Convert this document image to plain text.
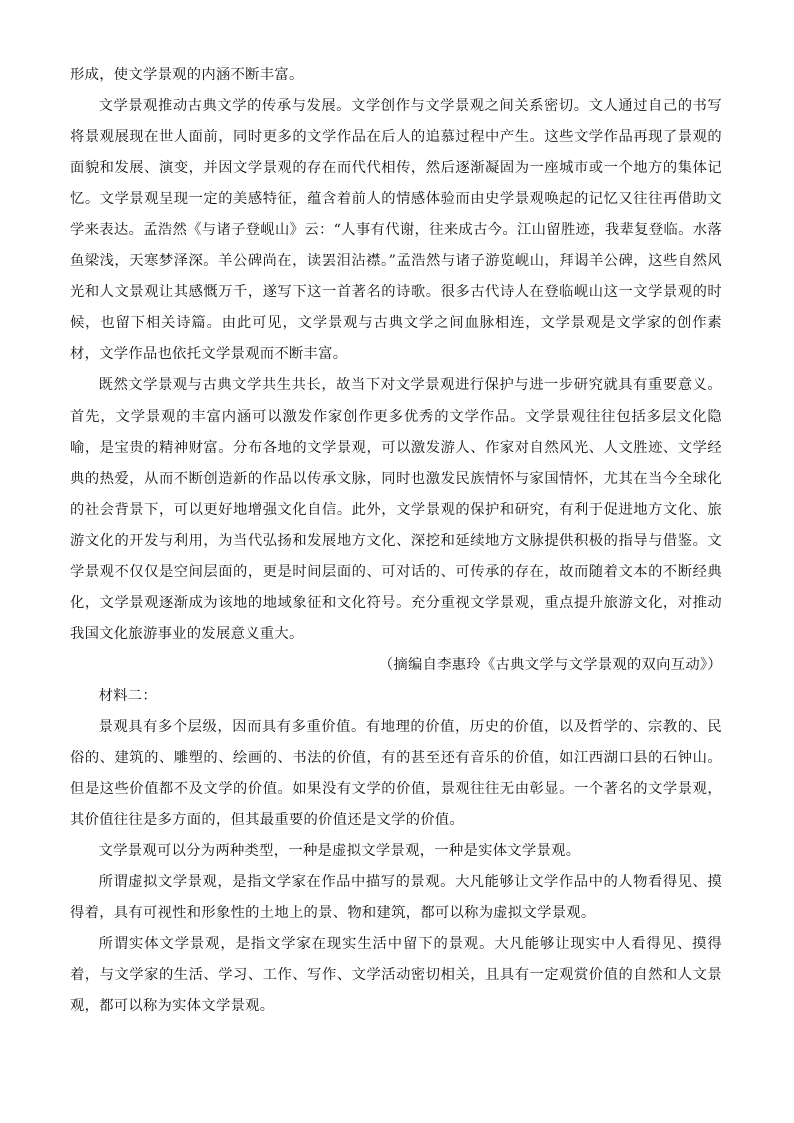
形成，使文学景观的内涵不断丰富。

文学景观推动古典文学的传承与发展。文学创作与文学景观之间关系密切。文人通过自己的书写将景观展现在世人面前，同时更多的文学作品在后人的追慕过程中产生。这些文学作品再现了景观的面貌和发展、演变，并因文学景观的存在而代代相传，然后逐渐凝固为一座城市或一个地方的集体记忆。文学景观呈现一定的美感特征，蕴含着前人的情感体验而由史学景观唤起的记忆又往往再借助文学来表达。孟浩然《与诸子登岘山》云：“人事有代谢，往来成古今。江山留胜迹，我辈复登临。水落鱼梁浅，天寒梦泽深。羊公碑尚在，读罢泪沾襟。”孟浩然与诸子游览岘山，拜谒羊公碑，这些自然风光和人文景观让其感慨万千，遂写下这一首著名的诗歌。很多古代诗人在登临岘山这一文学景观的时候，也留下相关诗篇。由此可见，文学景观与古典文学之间血脉相连，文学景观是文学家的创作素材，文学作品也依托文学景观而不断丰富。

既然文学景观与古典文学共生共长，故当下对文学景观进行保护与进一步研究就具有重要意义。首先，文学景观的丰富内涵可以激发作家创作更多优秀的文学作品。文学景观往往包括多层文化隐喻，是宝贵的精神财富。分布各地的文学景观，可以激发游人、作家对自然风光、人文胜迹、文学经典的热爱，从而不断创造新的作品以传承文脉，同时也激发民族情怀与家国情怀，尤其在当今全球化的社会背景下，可以更好地增强文化自信。此外，文学景观的保护和研究，有利于促进地方文化、旅游文化的开发与利用，为当代弘扬和发展地方文化、深挖和延续地方文脉提供积极的指导与借鉴。文学景观不仅仅是空间层面的，更是时间层面的、可对话的、可传承的存在，故而随着文本的不断经典化，文学景观逐渐成为该地的地域象征和文化符号。充分重视文学景观，重点提升旅游文化，对推动我国文化旅游事业的发展意义重大。

（摘编自李惠玲《古典文学与文学景观的双向互动》）

材料二：

景观具有多个层级，因而具有多重价值。有地理的价值，历史的价值，以及哲学的、宗教的、民俗的、建筑的、雕塑的、绘画的、书法的价值，有的甚至还有音乐的价值，如江西湖口县的石钟山。但是这些价值都不及文学的价值。如果没有文学的价值，景观往往无由彰显。一个著名的文学景观，其价值往往是多方面的，但其最重要的价值还是文学的价值。

文学景观可以分为两种类型，一种是虚拟文学景观，一种是实体文学景观。

所谓虚拟文学景观，是指文学家在作品中描写的景观。大凡能够让文学作品中的人物看得见、摸得着，具有可视性和形象性的土地上的景、物和建筑，都可以称为虚拟文学景观。

所谓实体文学景观，是指文学家在现实生活中留下的景观。大凡能够让现实中人看得见、摸得着，与文学家的生活、学习、工作、写作、文学活动密切相关，且具有一定观赏价值的自然和人文景观，都可以称为实体文学景观。
